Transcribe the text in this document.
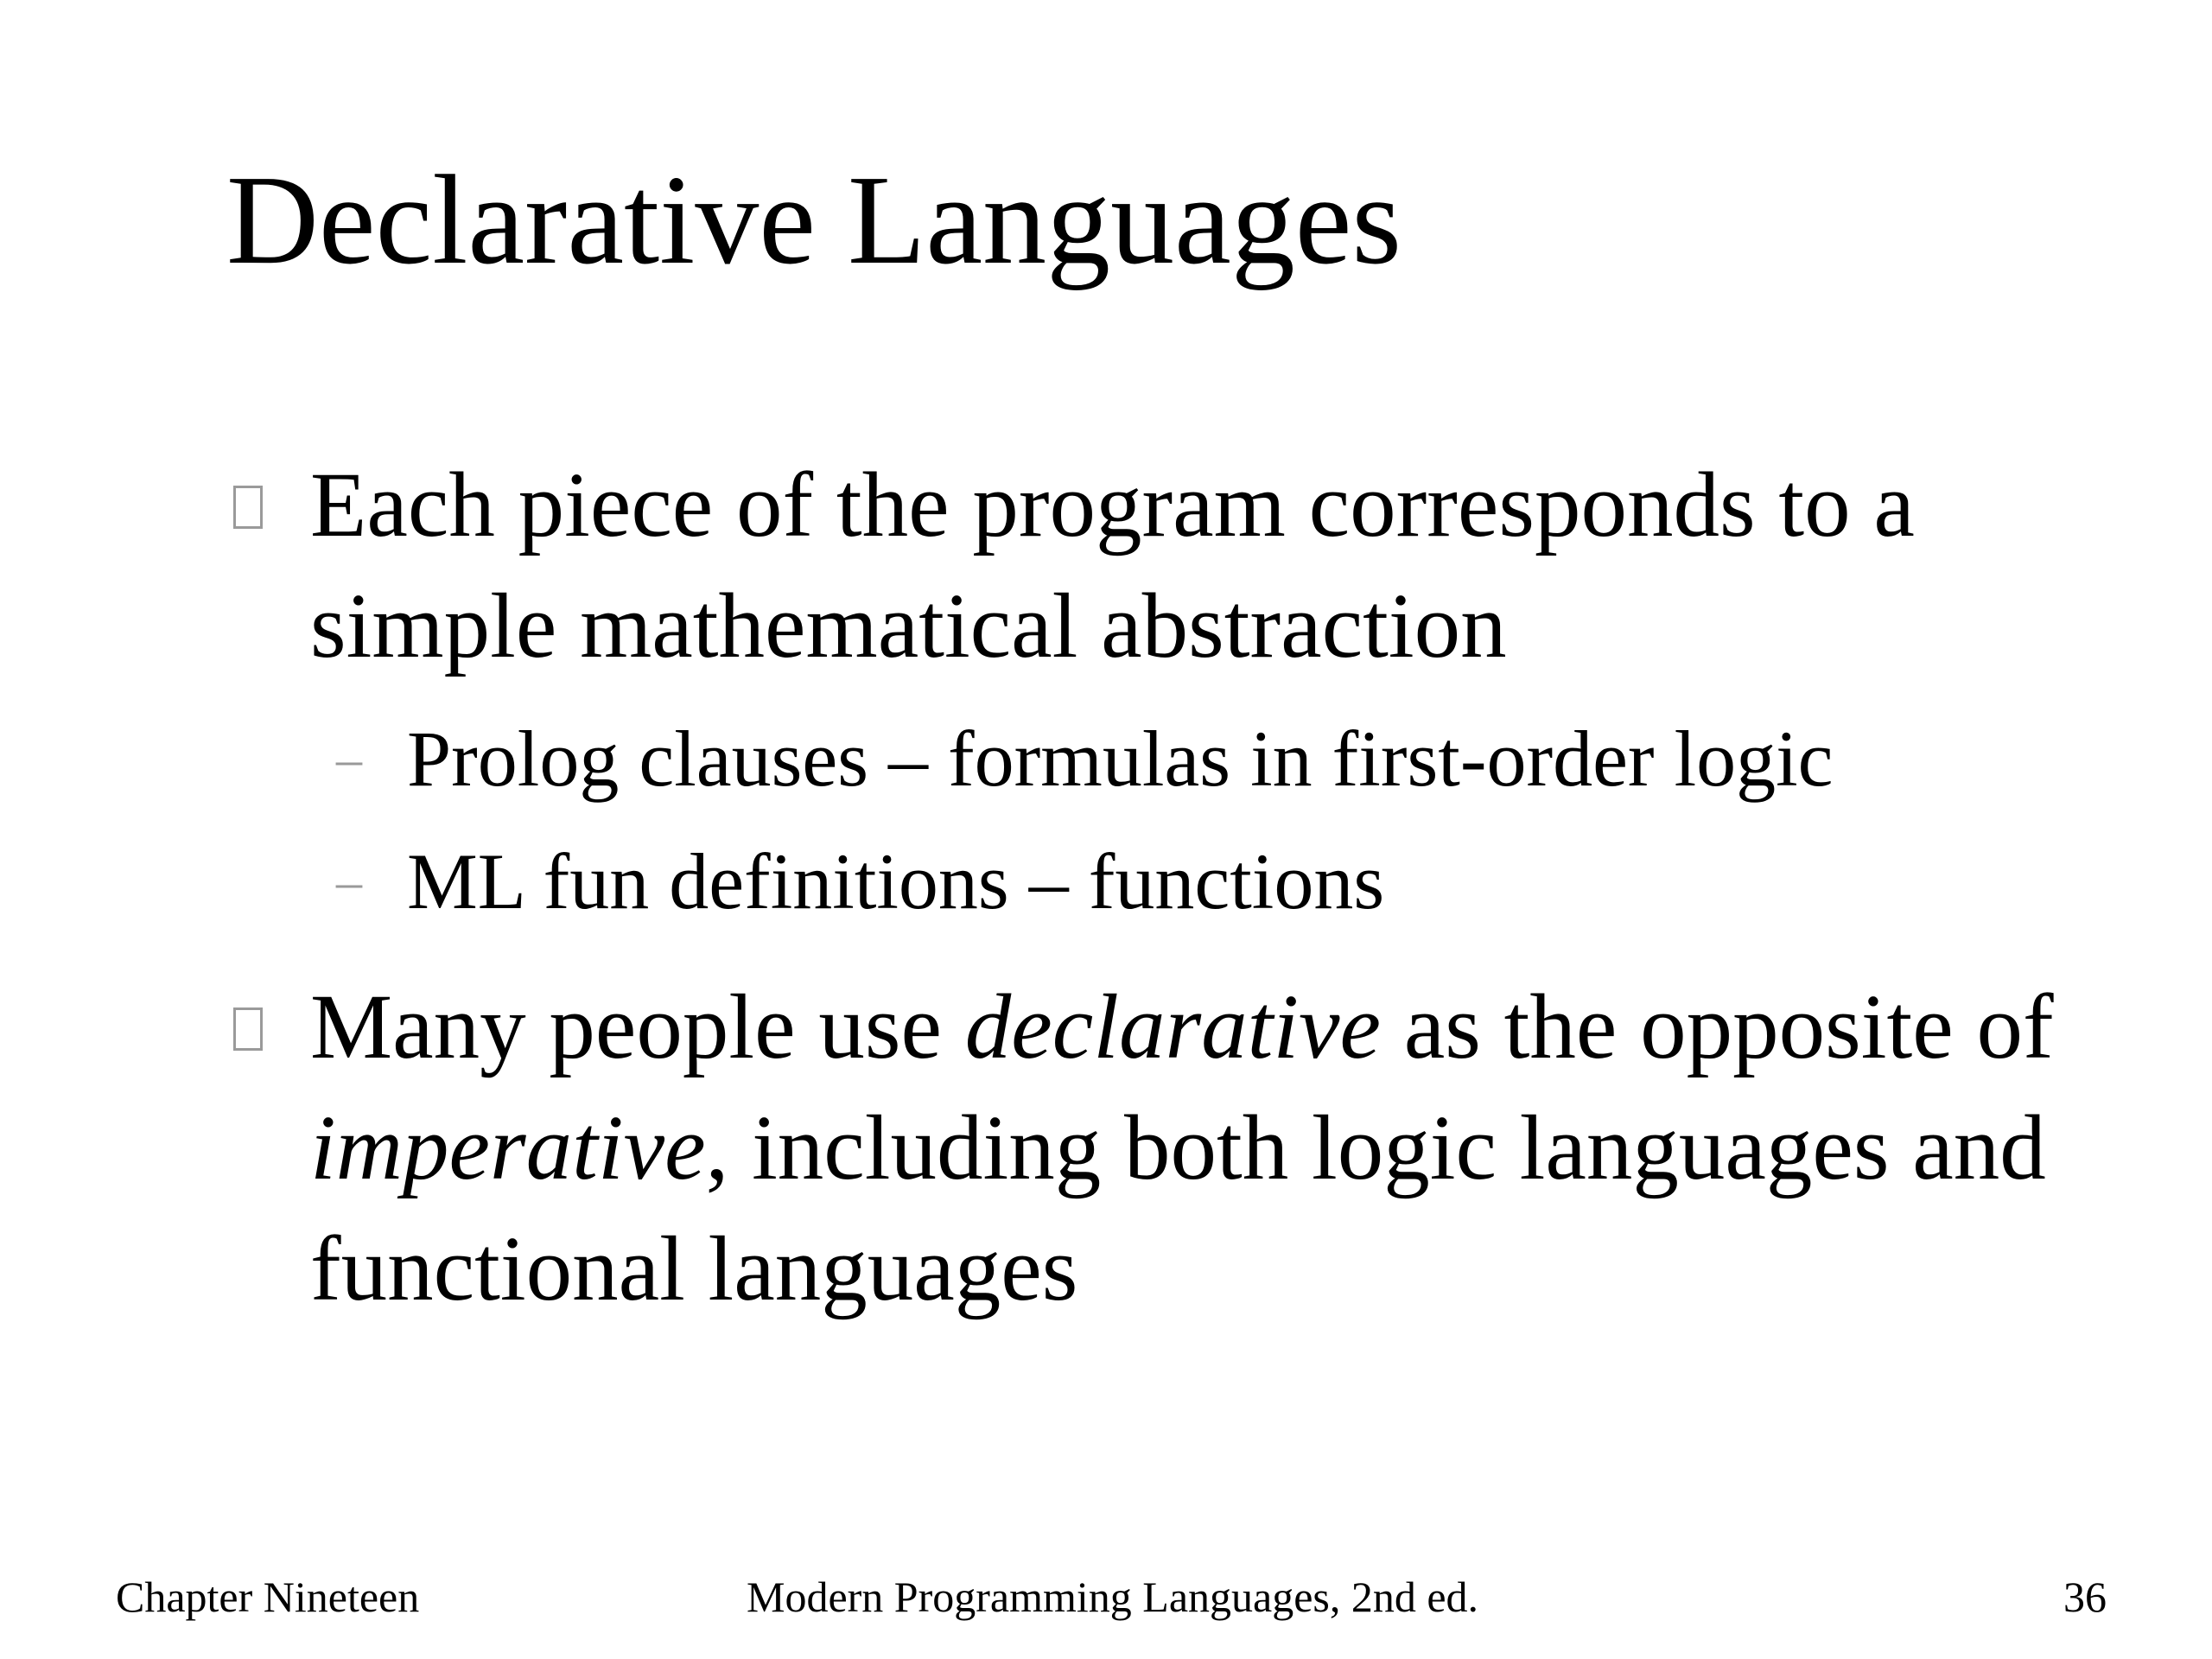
Declarative Languages
Each piece of the program corresponds to a simple mathematical abstraction
– Prolog clauses – formulas in first-order logic
– ML fun definitions – functions
Many people use declarative as the opposite of imperative, including both logic languages and functional languages
Chapter Nineteen	Modern Programming Languages, 2nd ed.	36
